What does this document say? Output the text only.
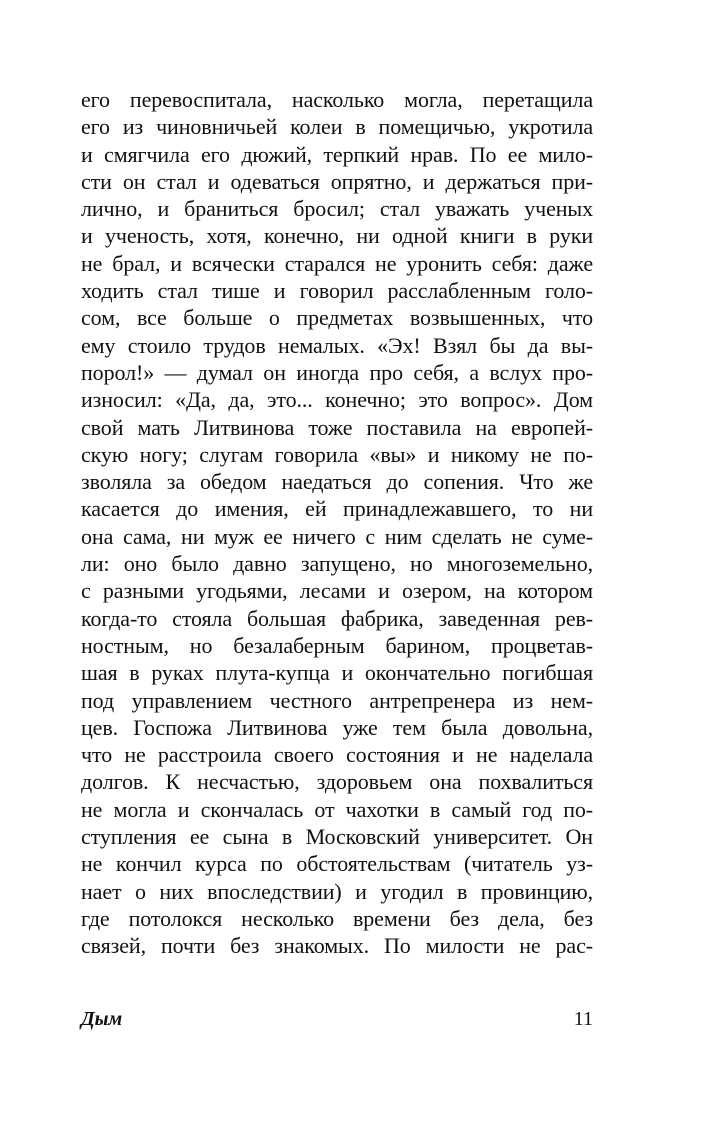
его перевоспитала, насколько могла, перетащила
его из чиновничьей колеи в помещичью, укротила
и смягчила его дюжий, терпкий нрав. По ее мило-
сти он стал и одеваться опрятно, и держаться при-
лично, и браниться бросил; стал уважать ученых
и ученость, хотя, конечно, ни одной книги в руки
не брал, и всячески старался не уронить себя: даже
ходить стал тише и говорил расслабленным голо-
сом, все больше о предметах возвышенных, что
ему стоило трудов немалых. «Эх! Взял бы да вы-
порол!» — думал он иногда про себя, а вслух про-
износил: «Да, да, это... конечно; это вопрос». Дом
свой мать Литвинова тоже поставила на европей-
скую ногу; слугам говорила «вы» и никому не по-
зволяла за обедом наедаться до сопения. Что же
касается до имения, ей принадлежавшего, то ни
она сама, ни муж ее ничего с ним сделать не суме-
ли: оно было давно запущено, но многоземельно,
с разными угодьями, лесами и озером, на котором
когда-то стояла большая фабрика, заведенная рев-
ностным, но безалаберным барином, процветав-
шая в руках плута-купца и окончательно погибшая
под управлением честного антрепренера из нем-
цев. Госпожа Литвинова уже тем была довольна,
что не расстроила своего состояния и не наделала
долгов. К несчастью, здоровьем она похвалиться
не могла и скончалась от чахотки в самый год по-
ступления ее сына в Московский университет. Он
не кончил курса по обстоятельствам (читатель уз-
нает о них впоследствии) и угодил в провинцию,
где потолокся несколько времени без дела, без
связей, почти без знакомых. По милости не рас-
Дым	11
